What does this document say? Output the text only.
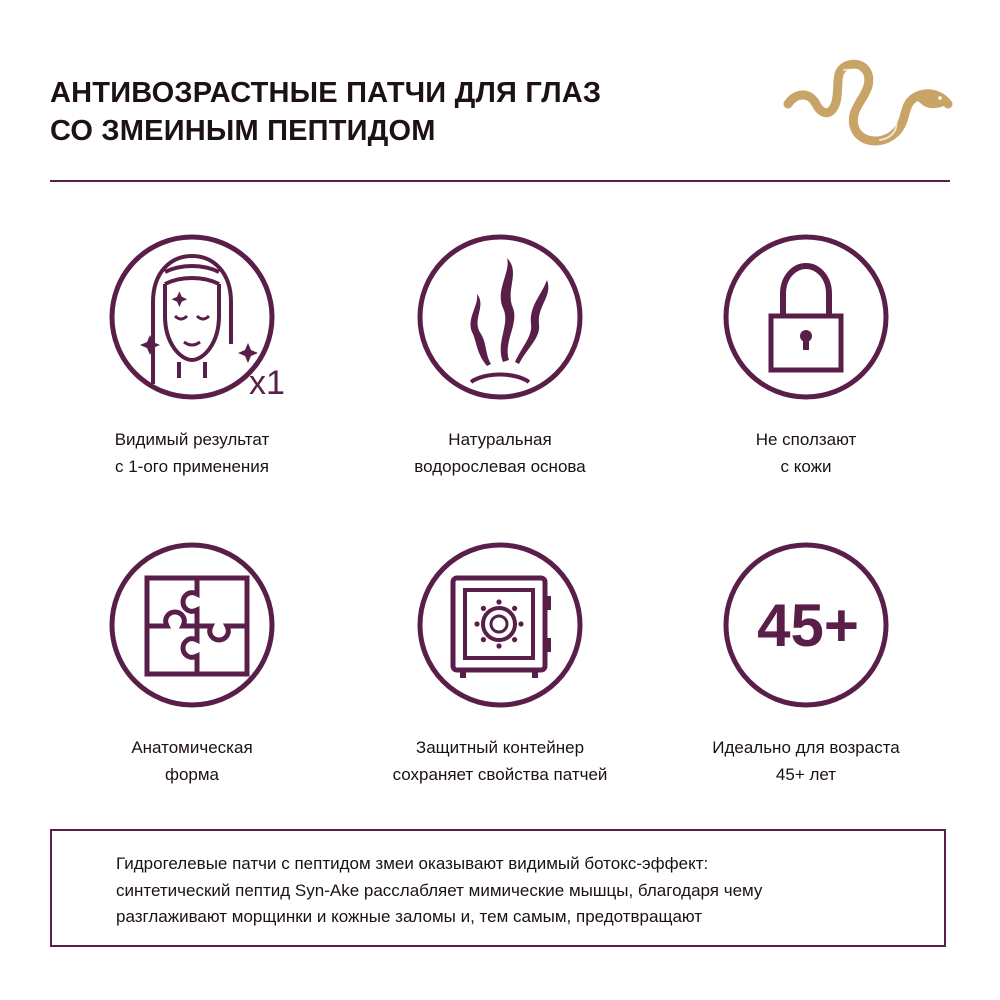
АНТИВОЗРАСТНЫЕ ПАТЧИ ДЛЯ ГЛАЗ
СО ЗМЕИНЫМ ПЕПТИДОМ
x1
Видимый результат
с 1-ого применения
Натуральная
водорослевая основа
Не сползают
с кожи
Анатомическая
форма
Защитный контейнер
сохраняет свойства патчей
45+
Идеально для возраста
45+ лет

Гидрогелевые патчи с пептидом змеи оказывают видимый ботокс-эффект:
синтетический пептид Syn-Ake расслабляет мимические мышцы, благодаря чему
разглаживают морщинки и кожные заломы и, тем самым, предотвращают
